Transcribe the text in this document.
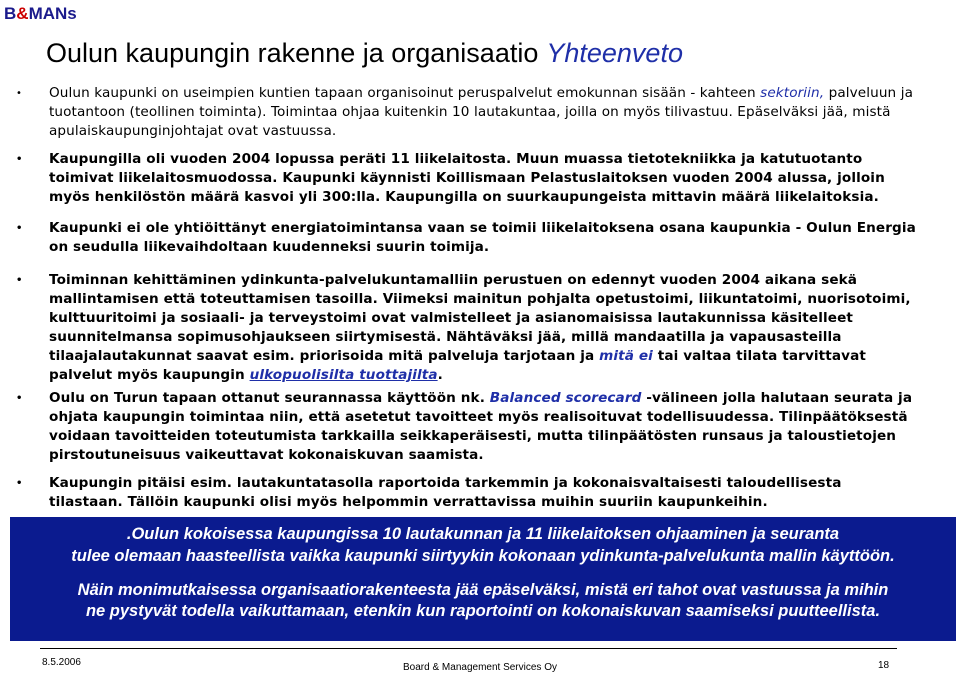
B&MANs
Oulun kaupungin rakenne ja organisaatio Yhteenveto
•	Oulun kaupunki on useimpien kuntien tapaan organisoinut peruspalvelut emokunnan sisään - kahteen sektoriin, palveluun ja tuotantoon (teollinen toiminta). Toimintaa ohjaa kuitenkin 10 lautakuntaa, joilla on myös tilivastuu. Epäselväksi jää, mistä apulaiskaupunginjohtajat ovat vastuussa.
•	Kaupungilla oli vuoden 2004 lopussa peräti 11 liikelaitosta. Muun muassa tietotekniikka ja katutuotanto toimivat liikelaitosmuodossa. Kaupunki käynnisti Koillismaan Pelastuslaitoksen vuoden 2004 alussa, jolloin myös henkilöstön määrä kasvoi yli 300:lla. Kaupungilla on suurkaupungeista mittavin määrä liikelaitoksia.
•	Kaupunki ei ole yhtiöittänyt energiatoimintansa vaan se toimii liikelaitoksena osana kaupunkia - Oulun Energia on seudulla liikevaihdoltaan kuudenneksi suurin toimija.
•	Toiminnan kehittäminen ydinkunta-palvelukuntamalliin perustuen on edennyt vuoden 2004 aikana sekä mallintamisen että toteuttamisen tasoilla. Viimeksi mainitun pohjalta opetustoimi, liikuntatoimi, nuorisotoimi, kulttuuritoimi ja sosiaali- ja terveystoimi ovat valmistelleet ja asianomaisissa lautakunnissa käsitelleet suunnitelmansa sopimusohjaukseen siirtymisestä. Nähtäväksi jää, millä mandaatilla ja vapausasteilla tilaajalautakunnat saavat esim. priorisoida mitä palveluja tarjotaan ja mitä ei tai valtaa tilata tarvittavat palvelut myös kaupungin ulkopuolisilta tuottajilta.
•	Oulu on Turun tapaan ottanut seurannassa käyttöön nk. Balanced scorecard -välineen jolla halutaan seurata ja ohjata kaupungin toimintaa niin, että asetetut tavoitteet myös realisoituvat todellisuudessa. Tilinpäätöksestä voidaan tavoitteiden toteutumista tarkkailla seikkaperäisesti, mutta tilinpäätösten runsaus ja taloustietojen pirstoutuneisuus vaikeuttavat kokonaiskuvan saamista.
•	Kaupungin pitäisi esim. lautakuntatasolla raportoida tarkemmin ja kokonaisvaltaisesti taloudellisesta tilastaan. Tällöin kaupunki olisi myös helpommin verrattavissa muihin suuriin kaupunkeihin.
.Oulun kokoisessa kaupungissa 10 lautakunnan ja 11 liikelaitoksen ohjaaminen ja seuranta
tulee olemaan haasteellista vaikka kaupunki siirtyykin kokonaan ydinkunta-palvelukunta mallin käyttöön.
Näin monimutkaisessa organisaatiorakenteesta jää epäselväksi, mistä eri tahot ovat vastuussa ja mihin
ne pystyvät todella vaikuttamaan, etenkin kun raportointi on kokonaiskuvan saamiseksi puutteellista.
8.5.2006	Board & Management Services Oy	18
